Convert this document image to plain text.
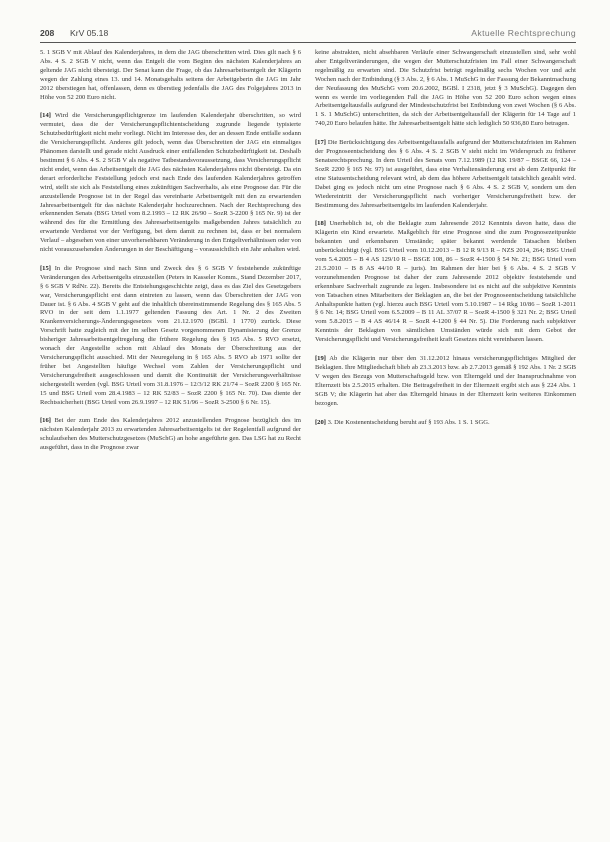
208 KrV 05.18	Aktuelle Rechtsprechung

5. 1 SGB V mit Ablauf des Kalenderjahres, in dem die JAG überschritten wird. Dies gilt nach § 6 Abs. 4 S. 2 SGB V nicht, wenn das Entgelt die vom Beginn des nächsten Kalenderjahres an geltende JAG nicht übersteigt. Der Senat kann die Frage, ob das Jahresarbeitsentgelt der Klägerin wegen der Zahlung eines 13. und 14. Monatsgehalts seitens der Arbeitgeberin die JAG im Jahr 2012 überstiegen hat, offenlassen, denn es überstieg jedenfalls die JAG des Folgejahres 2013 in Höhe von 52 200 Euro nicht.

[14] Wird die Versicherungspflichtgrenze im laufenden Kalenderjahr überschritten, so wird vermutet, dass die der Versicherungspflichtentscheidung zugrunde liegende typisierte Schutzbedürftigkeit nicht mehr vorliegt. Nicht im Interesse des, der an dessen Ende entfalle sodann die Versicherungspflicht. Anderes gilt jedoch, wenn das Überschreiten der JAG ein einmaliges Phänomen darstellt und gerade nicht Ausdruck einer entfallenden Schutzbedürftigkeit ist. Deshalb bestimmt § 6 Abs. 4 S. 2 SGB V als negative Tatbestandsvoraussetzung, dass Versicherungspflicht nicht endet, wenn das Arbeitsentgelt die JAG des nächsten Kalenderjahres nicht übersteigt. Da ein derart erforderliche Feststellung jedoch erst nach Ende des laufenden Kalenderjahres getroffen wird, stellt sie sich als Feststellung eines zukünftigen Sachverhalts, als eine Prognose dar. Für die anzustellende Prognose ist in der Regel das vereinbarte Arbeitsentgelt mit den zu erwartenden Jahresarbeitsentgelt für das nächste Kalenderjahr hochzurechnen. Nach der Rechtsprechung des erkennenden Senats (BSG Urteil vom 8.2.1993 – 12 RK 26/90 – SozR 3-2200 § 165 Nr. 9) ist der während des für die Ermittlung des Jahresarbeitsentgelts maßgebenden Jahres tatsächlich zu erwartende Verdienst vor der Verfügung, bei dem damit zu rechnen ist, dass er bei normalem Verlauf – abgesehen von einer unvorhersehbaren Veränderung in den Entgeltverhältnissen oder von nicht vorauszusehenden Änderungen in der Beschäftigung – voraussichtlich ein Jahr anhalten wird.

[15] In die Prognose sind nach Sinn und Zweck des § 6 SGB V feststehende zukünftige Veränderungen des Arbeitsentgelts einzustellen (Peters in Kasseler Komm., Stand Dezember 2017, § 6 SGB V RdNr. 22). Bereits die Entstehungsgeschichte zeigt, dass es das Ziel des Gesetzgebers war, Versicherungspflicht erst dann eintreten zu lassen, wenn das Überschreiten der JAG von Dauer ist. § 6 Abs. 4 SGB V geht auf die inhaltlich übereinstimmende Regelung des § 165 Abs. 5 RVO in der seit dem 1.1.1977 geltenden Fassung des Art. 1 Nr. 2 des Zweiten Krankenversicherungs-Änderungsgesetzes vom 21.12.1970 (BGBl. I 1770) zurück. Diese Vorschrift hatte zugleich mit der im selben Gesetz vorgenommenen Dynamisierung der Grenze bisheriger Jahresarbeitsentgeltregelung die frühere Regelung des § 165 Abs. 5 RVO ersetzt, wonach der Angestellte schon mit Ablauf des Monats der Überschreitung aus der Versicherungspflicht ausschied. Mit der Neuregelung in § 165 Abs. 5 RVO ab 1971 sollte der früher bei Angestellten häufige Wechsel vom Zahlen der Versicherungspflicht und Versicherungsfreiheit ausgeschlossen und damit die Kontinuität der Versicherungsverhältnisse sichergestellt werden (vgl. BSG Urteil vom 31.8.1976 – 12/3/12 RK 21/74 – SozR 2200 § 165 Nr. 15 und BSG Urteil vom 28.4.1983 – 12 RK 52/83 – SozR 2200 § 165 Nr. 70). Das diente der Rechtssicherheit (BSG Urteil vom 26.9.1997 – 12 RK 51/96 – SozR 3-2500 § 6 Nr. 15).

[16] Bei der zum Ende des Kalenderjahres 2012 anzustellenden Prognose bezüglich des im nächsten Kalenderjahr 2013 zu erwartenden Jahresarbeitsentgelts ist der Regelentfall aufgrund der schulaufsehen des Mutterschutzgesetzes (MuSchG) an hohe angeführte gen. Das LSG hat zu Recht ausgeführt, dass in die Prognose zwar

keine abstrakten, nicht absehbaren Verläufe einer Schwangerschaft einzustellen sind, sehr wohl aber Entgeltveränderungen, die wegen der Mutterschutzfristen im Fall einer Schwangerschaft regelmäßig zu erwarten sind. Die Schutzfrist beträgt regelmäßig sechs Wochen vor und acht Wochen nach der Entbindung (§ 3 Abs. 2, § 6 Abs. 1 MuSchG in der Fassung der Bekanntmachung der Neufassung des MuSchG vom 20.6.2002, BGBl. I 2318, jetzt § 3 MuSchG). Dagegen den wenn es werde im vorliegenden Fall die JAG in Höhe von 52 200 Euro schon wegen eines Arbeitsentgeltausfalls aufgrund der Mindestschutzfrist bei Entbindung von zwei Wochen (§ 6 Abs. 1 S. 1 MuSchG) unterschritten, da sich der Arbeitsentgeltausfall der Klägerin für 14 Tage auf 1 740,20 Euro belaufen hätte. Ihr Jahresarbeitsentgelt hätte sich lediglich 50 936,80 Euro betragen.

[17] Die Berücksichtigung des Arbeitsentgeltausfalls aufgrund der Mutterschutzfristen im Rahmen der Prognoseentscheidung des § 6 Abs. 4 S. 2 SGB V steht nicht im Widerspruch zu früherer Senatsrechtsprechung. In dem Urteil des Senats vom 7.12.1989 (12 RK 19/87 – BSGE 66, 124 – SozR 2200 § 165 Nr. 97) ist ausgeführt, dass eine Verhaltensänderung erst ab dem Zeitpunkt für eine Statusentscheidung relevant wird, ab dem das höhere Arbeitsentgelt tatsächlich gezahlt wird. Dabei ging es jedoch nicht um eine Prognose nach § 6 Abs. 4 S. 2 SGB V, sondern um den Wiedereintritt der Versicherungspflicht nach vorheriger Versicherungsfreiheit bzw. der Bestimmung des Jahresarbeitsentgelts im laufenden Kalenderjahr.

[18] Unerheblich ist, ob die Beklagte zum Jahresende 2012 Kenntnis davon hatte, dass die Klägerin ein Kind erwartete. Maßgeblich für eine Prognose sind die zum Prognosezeitpunkte bekannten und erkennbaren Umstände; später bekannt werdende Tatsachen bleiben unberücksichtigt (vgl. BSG Urteil vom 10.12.2013 – B 12 R 9/13 R – NZS 2014, 264; BSG Urteil vom 5.4.2005 – B 4 AS 129/10 R – BSGE 108, 86 – SozR 4-1500 § 54 Nr. 21; BSG Urteil vom 21.5.2010 – B 8 AS 44/10 R – juris). Im Rahmen der hier bei § 6 Abs. 4 S. 2 SGB V vorzunehmenden Prognose ist daher der zum Jahresende 2012 objektiv feststehende und erkennbare Sachverhalt zugrunde zu legen. Insbesondere ist es nicht auf die subjektive Kenntnis von Tatsachen eines Mitarbeiters der Beklagten an, die bei der Prognoseentscheidung tatsächliche Anhaltspunkte hatten (vgl. hierzu auch BSG Urteil vom 5.10.1987 – 14 Rkg 10/86 – SozR 1-2011 § 6 Nr. 14; BSG Urteil vom 6.5.2009 – B 11 AL 37/07 R – SozR 4-1500 § 321 Nr. 2; BSG Urteil vom 5.8.2015 – B 4 AS 46/14 R – SozR 4-1200 § 44 Nr. 5). Die Forderung nach subjektiver Kenntnis der Beklagten von sämtlichen Umständen würde sich mit dem Gebot der Versicherungspflicht und Versicherungsfreiheit kraft Gesetzes nicht vereinbaren lassen.

[19] Ab die Klägerin nur über den 31.12.2012 hinaus versicherungspflichtiges Mitglied der Beklagten. Ihre Mitgliedschaft blieb ab 23.3.2013 bzw. ab 2.7.2013 gemäß § 192 Abs. 1 Nr. 2 SGB V wegen des Bezugs von Mutterschaftsgeld bzw. von Elterngeld und der Inanspruchnahme von Elternzeit bis 2.5.2015 erhalten. Die Beitragsfreiheit in der Elternzeit ergibt sich aus § 224 Abs. 1 SGB V; die Klägerin hat aber das Elterngeld hinaus in der Elternzeit kein weiteres Einkommen bezogen.

[20] 3. Die Kostenentscheidung beruht auf § 193 Abs. 1 S. 1 SGG.
